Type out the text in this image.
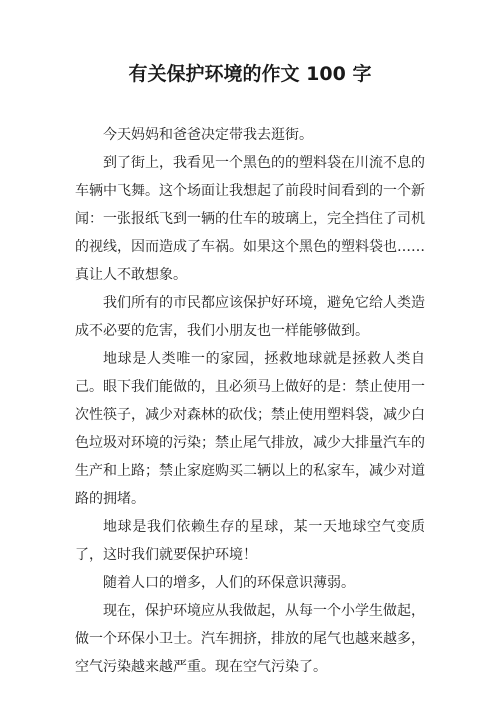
有关保护环境的作文 100 字

今天妈妈和爸爸决定带我去逛街。

到了街上，我看见一个黑色的的塑料袋在川流不息的车辆中飞舞。这个场面让我想起了前段时间看到的一个新闻：一张报纸飞到一辆的仕车的玻璃上，完全挡住了司机的视线，因而造成了车祸。如果这个黑色的塑料袋也……真让人不敢想象。

我们所有的市民都应该保护好环境，避免它给人类造成不必要的危害，我们小朋友也一样能够做到。

地球是人类唯一的家园，拯救地球就是拯救人类自己。眼下我们能做的，且必须马上做好的是：禁止使用一次性筷子，减少对森林的砍伐；禁止使用塑料袋，减少白色垃圾对环境的污染；禁止尾气排放，减少大排量汽车的生产和上路；禁止家庭购买二辆以上的私家车，减少对道路的拥堵。

地球是我们依赖生存的星球，某一天地球空气变质了，这时我们就要保护环境！

随着人口的增多，人们的环保意识薄弱。

现在，保护环境应从我做起，从每一个小学生做起，做一个环保小卫士。汽车拥挤，排放的尾气也越来越多，空气污染越来越严重。现在空气污染了。
